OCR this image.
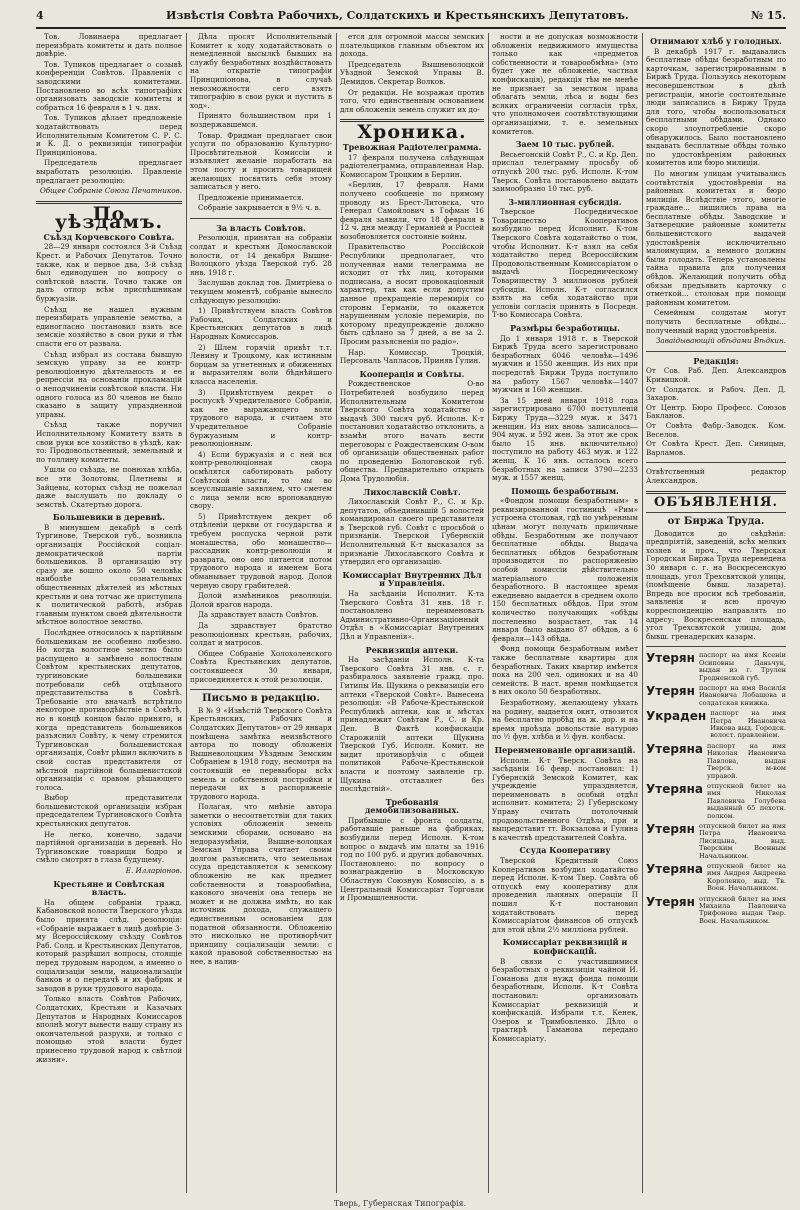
4	Извѣстія Совѣта Рабочихъ, Солдатскихъ и Крестьянскихъ Депутатовъ.	№ 15.

Тов. Ловинаера предлагает переизбрать комитеты и дать полное довѣріе.

Тов. Тупиков предлагает о созывѣ конференціи Совѣтов. Правленія с заводскими комитетами. Постановлено во всѣх типографіях организовать заводскіе комитеты и собраться 16 февраля в 1 ч. дня.

Тов. Тупиков дѣлает предложеніе ходатайствовать перед Исполнительным Комитетом С. Р. С. и К. Д. о реквизиціи типографіи Принципіонова.

Председатель предлагает выработать резолюцію. Правленіе предлагает резолюцію:

Общее Собраніе Союза Печатников.
По уѣздамъ.
Съѣзд Корчевского Совѣта.

28—29 января состоялся 3-й Съѣзд Крест. и Рабочих Депутатов. Точно также, как и первое два, 3-й съѣзд был единодушен по вопросу о совѣтской власти. Точно также он далъ отпор всѣм приспѣшникам буржуазіи.

Съѣзд не нашел нужным переизбирать управленіе земства, а единогласно постановил взять все земскіе хозяйство в свои руки и тѣм спасти его от развала.

Съѣзд избрал из состава бывшую земскую управу за ее контр-революціонную дѣятельность и ее репрессіи на основаніи прокламацій о неподчиненіи совѣтской власти. Ни одного голоса из 80 членов не было сказано в защиту упраздненной управы.

Съѣзд также поручил Исполнительному Комитету взять в свои руки все хозяйство в уѣздѣ, как-то: Продовольственный, земельный и по толлину комитеты.

Ушли со съѣзда, не понюхав хлѣба, все эти Золотовы, Плетневы и Зайцевы, которых съѣзд не пожелал даже выслушать по докладу о земствѣ. Скатертью дорога.

Большевики в деревнѣ.

В минувшем декабрѣ в селѣ Тургинове, Тверской губ., возникла организація Россійской соціал-демократической партіи большевиков. В организацію эту сразу же вошло около 50 человѣк наиболѣе сознательных общественных дѣятелей из мѣстных крестьян и она тотчас же приступила к политической работѣ, избрав главным пунктом своей дѣятельности мѣстное волостное земство.

Послѣднее относилось к партійным большевикам не особенно любезно. Но когда волостное земство было распущено и замѣнено волостным Совѣтом крестьянских депутатов, тургиновские большевики потребовали себѣ отдѣльного представительства в Совѣтѣ. Требованіе это вначалѣ встрѣтило некоторое противодѣйствіе в Совѣтѣ, но в концѣ концов было принято, и когда представитель большевиков разъяснил Совѣту, к чему стремится Тургиновская большевистская организація, Совѣт рѣшил включить в свой состав представителя от мѣстной партійной большевистской организаціи с правом рѣшающего голоса.

Выбор представителя большевистской организаціи избран председателем Тургиновского Совѣта крестьянских депутатов.

Не легко, конечно, задачи партійной организаціи в деревнѣ. Но Тургиновские товарищи бодро и смѣло смотрят в глаза будущему.

Е. Илларіонов.
Крестьяне и Совѣтская власть.

На общем собраніи гражд. Кабановской волости Тверского уѣзда было принята слѣд. резолюція: «Собраніе выражает в лицѣ довѣріе 3-му Всероссійскому съѣзду Совѣтов Раб. Солд. и Крестьянских Депутатов, который разрѣшил вопросы, стоящіе перед трудовым народом, а именно о соціализаціи земли, национализаціи банков и о передачѣ и их фабрик и заводов в руки трудового народа.

Только власть Совѣтов Рабочих, Солдатских, Крестьян и Казачьих Депутатов и Народных Комиссаров вполнѣ могут вывести нашу страну из окончательной разрухи, и только с помощью этой власти будет принесено трудовой народ к свѣтлой жизни».

Дѣла просят Исполнительный Комитет к ходу ходатайствовать о немедленной высылкѣ бывших на службу безработных воздѣйствовать на открытіе типографіи Принципіонова, в случаѣ невозможности сего взять типографію в свои руки и пустить в ход».

Принято большинством при 1 воздержавшемся.

Товар. Фридман предлагает свои услуги по образованію Культурно-Просвѣтительной Комиссіи и изъявляет желаніе поработать на этом посту и просить товарищей желающих посвятить себя этому записаться у него.

Предложеніе принимается.

Собраніе закрывается в 9½ ч. в.

За власть Совѣтов.

Резолюція, принятая на собраніи солдат и крестьян Домославской волости, от 14 декабря Вышне-Волоцкого уѣзда Тверской губ. 28 янв. 1918 г.

Заслушав доклад тов. Дмитріева о текущем моментѣ, собраніе вынесло слѣдующую резолюцію:

1) Привѣтствуем власть Совѣтов Рабочих, Солдатских и Крестьянских депутатов в лицѣ Народных Комиссаров.

2) Шлем горячій привѣт т.т. Ленину и Троцкому, как истинным борцам за угнетенных и обиженных и выразителям воли бѣднѣйшего класса населенія.

3) Привѣтствуем декрет о роспускѣ Учредительного Собранія, как не выражающего воли трудового народа, и считаем это Учредительное Собраніе буржуазным и контр-революціонным.

4) Если буржуазія и с ней вся контр-революціонная свора осмѣлятся саботировать работу Совѣтской власти, то мы во всеуслышаніе заявляем, что сметем с лица земли всю вроповавдную свору.

5) Привѣтствуем декрет об отдѣленіи церкви от государства и требуем роспуска черной рати монашества, обо монашество—рассадник контр-революціи и разврата, оно оно питается потом трудового народа и именем Бога обманывает трудовой народ. Долой черную свору грабителей.

Долой измѣнников революціи. Долой врагов народа.

Да здравствует власть Совѣтов.

Да здравствует братство революціонных крестьян, рабочих, солдат и матросов.

Общее Собраніе Холохоленского Совѣта Крестьянских депутатов, состоявшееся 30 января, присоединяется к этой резолюціи.

Письмо в редакцію.

В № 9 «Извѣстій Тверского Совѣта Крестьянских, Рабочих и Солдатских Депутатов» от 29 января помѣщена замѣтка неизвѣстного автора по поводу обложенія Вышневолоцким Уѣздным Земским Собраніем в 1918 году, несмотря на состоявшій ее перевыборы всѣх земель и собственной постройки и передачи их в распоряженіе трудового народа.

Полагая, что мнѣніе автора заметки о несоответствіи для таких условіях обложенія земель земскими сборами, основано на недоразумѣніи, Вышне-волоцкая Земская Управа считает своим долгом разъяснить, что земельная ссуда представляется к земскому обложенію не как предмет собственности и товарообмѣна, какового значенія она теперь не может и не должна имѣть, но как источник дохода, служащего единственным основаніем для податной обязанности. Обложенію это нисколько не противорѣчит принципу соціализаціи земли: с какой правовой собственностью на нее, в налив-

ется для огромной массы земских плательщиков главным объектом их дохода.

Председатель Вышневолоцкой Уѣздной Земской Управы В. Демидов. Секретар Волков.

От редакціи. Не возражая против того, что единственным основанием для обложенія земель служит их до-

Хроника.
Тревожная Радіотелеграмма.

17 февраля получена слѣдующая радіотелеграмма, отправленная Нар. Комиссаром Троцким в Берлин.

«Берлин, 17 февраля. Нами получено сообщеніе по прямому проводу из Брест-Литовска, что Генерал Самойлович в Гофман 16 февраля заявили, что 18 февраля в 12 ч. дня между Германіей и Россіей возобновляется состояніе войны.

Правительство Россійской Республики предполагает, что полученная нами телеграмма не исходит от тѣх лиц, которыми подписана, а носит провокаціонный характер, так как если допустим данное прекращеніе перемирія со стороны Германіи, то окажется нарушенным условіе перемирія, по которому предупрежденіе должно быть сдѣлано за 7 дней, а не за 2. Просим разъясненія по радіо».

Нар. Комиссар. Троцкій, Персональ Чапласов, Приняв Гулин.

Кооперація и Совѣты.

Рождественское О-во Потребителей возбудило перед Исполнительным Комитетом Тверского Совѣта ходатайство о выдачѣ 300 тысяч руб. Исполн. К-т постановил ходатайство отклонить, а взамѣн этого начать вести переговоры с Рождественским О-вом об организаціи общественных работ по проведенію Бологовской губ. общества. Предварительно открыть Дома Трудолюбія.

Лихославскій Совѣт.

Лихославскій Совѣт Р., С. и Кр. депутатов, объединившій 5 волостей командировал своего представителя в Тверской губ. Совѣт с просьбой о признаніи. Тверской Губернскій Исполнительный К-т высказался за признаніе Лихославского Совѣта и утвердил его организацію.

Комиссаріат Внутренних Дѣл и Управленія.

На засѣданіи Исполнит. К-та Тверского Совѣта 31 янв. 18 г. постановлено переименовать Административно-Организаціонный Отдѣл в «Комиссаріат Внутренних Дѣл и Управленія».

Реквизиція аптеки.

На засѣданіи Исполн. К-та Тверского Совѣта 31 янв. с. г. разбиралось заявленіе гражд. про. Гитипы Ив. Щукина о реквизиціи его аптеки «Тверской Совѣт». Вынесена резолюція: «В Рабоче-Крестьянской Республикѣ аптеки, как и мѣстах принадлежит Совѣтам Р., С. и Кр. Деп. В Фактѣ конфискаціи Старожилій аптеки Щукина Тверской Губ. Исполн. Комит. не видит противорѣчія с общей политикой Рабоче-Крестьянской власти и поэтому заявленіе гр. Щукина отставляет без послѣдствій».

Требованія демобилизованных.

Прибывшіе с фронта солдаты, работавшіе раньше на фабриках, возбудили перед Исполн. К-том вопрос о выдачѣ им платы за 1916 год по 100 руб. и других добавочных. Постановлено: по вопросу о вознагражденію в Московскую Областную Союзную Комиссію, а в Центральный Комиссаріат Торговли и Промышленности.

ности и не допуская возможности обложенія недвижимого имущества только как «предметов собственности и товарообмѣна» (это будет уже не обложеніе, частная конфискація), редакція тѣм не менѣе не признает за земством права облагать земли, лѣса и воды без всяких ограниченіи согласія трѣх, что уполномочен соотвѣтствующими организаціями, т. е. земельных комитетов.

Заем 10 тыс. рублей.

Весьегонскій Совѣт Р., С. и Кр. Деп. прислал телеграмму просьбу об отпускѣ 200 тыс. руб. Исполн. К-том Тверск. Совѣта постановлено выдать заимообразно 10 тыс. руб.

3-миллионная субсидія.

Тверское Посредническое Товарищество Кооперативов возбудило перед Исполнит. К-том Тверского Совѣта ходатайство о том, чтобы Исполнит. К-т взял на себя ходатайство перед Всероссійским Продовольственным Комиссаріатом о выдачѣ Посредническому Товариществу 3 миллионов рублей субсидіи. Исполн. К-т согласился взять на себя ходатайство при условіи согласія принять в Посредн. Т-во Комиссара Совѣта.

Размѣры безработицы.

До 1 января 1918 г. в Тверской Биржѣ Труда всего зарегистровано безработных 6046 человѣк—1496 мужчин и 1550 женщин. Из них при посредствѣ Биржи Труда поступило на работу 1567 человѣк—1407 мужчин и 160 женщин.

За 15 дней января 1918 года зарегистрировано 6700 поступленій Биржу Труда—3229 муж. и 3471 женщин. Из них вновь записалось—904 муж. и 592 жен. За этот же срок было 15 янв. включительно) поступило на работу 463 муж. и 122 женщ. К 16 янв. осталось всего безработных на записи 3790—2233 муж. и 1557 женщ.

Помощь безработным.

«Фондом помощи безработным» в реквизированной гостиницѣ «Рим» устроена столовая, гдѣ по умѣренным цѣнам могут получать приличные обѣды. Безработным же получают бесплатные обѣды. Выдача бесплатных обѣдов безработным производится по распоряженію особой комиссіи дѣйствительно матеріального положенія безработного. В настоящее время ежедневно выдается в среднем около 150 бесплатных обѣдов. При этом количество получающих «обѣды постепенно возрастает, так 14 января было выдано 87 обѣдов, а 6 февраля—143 обѣда.

Фонд помощи безработным имѣет также бесплатные квартиры для безработных. Таких квартир имѣется пока на 200 чел. одиноких и на 40 семейств. В наст. время помѣщается в них около 50 безработных.

Безработному, желающему уѣхать на родину, выдается окнт, отвозится на бесплатно пробѣд на ж. дор. и на время проѣзда довольствіе натурою по ½ фун. хлѣба и ½ фун. колбасы.

Переименованіе организацій.

Исполн. К-т Тверск. Совѣта на засѣданіи 16 февр. постановил: 1) Губернскій Земской Комитет, как учрежденіе упраздняется, переименовать в особый отдѣл исполнит. комитета; 2) Губернскому Управу считать потолочный продовольственного Отдѣла, при и выпредставит тт. Вокзалова и Гулина в качествѣ представителей Совѣта.

Ссуда Кооперативу

Тверской Кредитный Союз Кооперативов возбудил ходатайство перед Исполн. К-том Твер. Совѣта об отпускѣ ему кооперативу для проведения льняных операціи П пошил К-т постановил ходатайствовать перед Комиссаріатом финансов об отпускѣ для этой цѣли 2½ милліона рублей.

Комиссаріат реквизицій и конфискацій.

В связи с участившимися безработных о реквизиціи чайной И. Гоманова для нужд фонда помощи безработным, Исполн. К-т Совѣта постановил: организовать Комиссаріат реквизицій и конфискацій. Избрали т.т. Кенек, Озеров и Тримбовленко. Дѣло о трактирѣ Гаманова передано Комиссаріату.

Отнимают хлѣб у голодных.

В декабрѣ 1917 г. выдавались бесплатные обѣды безработным по карточкам, зарегистрированным в Биржѣ Труда. Пользуясь некоторым несовершенством в дѣлѣ регистраціи, многіе состоятельные люди записались в Биржу Труда для того, чтобы воспользоваться бесплатными обѣдами. Однако скоро злоупотребленіе скоро обнаружилось. Было постановлено выдавать бесплатные обѣды только по удостовѣреніям районных комитетов или бюро милиціи.

По многим улицам учитывались соотвѣтствія удостовѣреніи на районных комитетах и бюро милиціи. Вслѣдствіе этого, многіе граждане... лишились права на бесплатные обѣды. Заводские и Затверецкие районные комитеты большевистского выдачей удостовѣренія исключительно малоимущим, а немного должны были голодать. Теперь установлены тайна правила для получения обѣдов. Желающий получить обѣд обязан предъявить карточку с отметкой... столовая при помощи районным комитетом.

Семейным солдатам могут получить бесплатные обѣды... полученный наряд удостовѣренія.

Заваідывающій обѣдами Вѣдкин.
Редакція:

От Сов. Раб. Деп. Александров Кривицкой.

От Солдатск. и Рабоч. Деп. Д. Захаров.

От Центр. Бюро Професс. Союзов Бакланов.

От Совѣта Фабр.-Заводск. Ком. Веселов.

От Совѣта Крест. Деп. Синицын, Варламов.

Отвѣтственный редактор Александров.

ОБЪЯВЛЕНІЯ.
от Биржа Труда.

Доводится до свѣдѣнія: предпріятій, заведеній, всѣх мелких хозяев и проч., что Тверская Городская Биржа Труда переведена 30 января с. г. на Воскресенскую площадь, угол Трехсвятской улицы, (помѣщеніе бывш. лазарета). Впредь все просим всѣ требованія, заявленія и всю прочую корреспонденцію направлять по адресу: Воскресенская площадь, угол Трехсвятской улицы, дом бывш. гренадерских казарм.

Утерян паспорт на имя Ксеніи Осиповны Даньчук, выдан из г. Трулен Гродненской губ.
Утерян паспорт на имя Василія Ивановича Лобашова и солдатская книжка.
Украден паспорт на имя Петра Ивановича Ивкова выд. Городск. волост. правленіем.
Утеряна паспорт на имя Николая Ивановича Павлова, выдан Тверск. м-вом управой.
Утеряна отпускной билет на имя Николая Павловича Голубева выданный 65 пехотн. полком.
Утерян отпускной билет на имя Петра Ивановича Лисицына, выд. Тверским Военным Начальником.
Утеряна отпускной билет на имя Андрея Андреева Короленко, выд. Тв. Воен. Начальником.
Утерян отпускной билет на имя Михаила Павловича Трифонова выдан Твер. Воен. Начальником.
Тверь, Губернская Типографія.
